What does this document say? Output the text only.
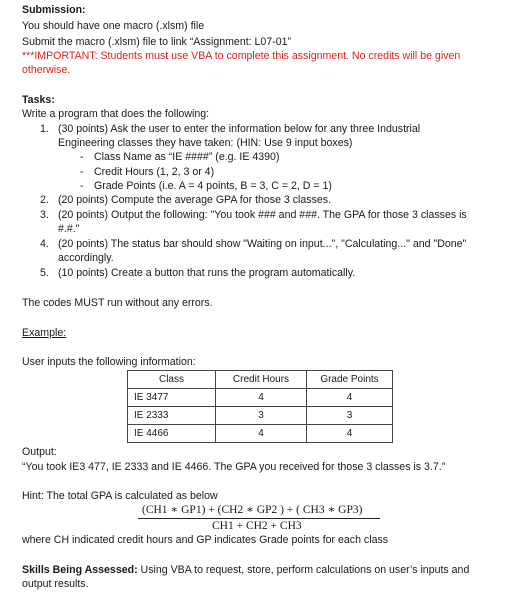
Submission:
You should have one macro (.xlsm) file
Submit the macro (.xlsm) file to link “Assignment: L07-01”
***IMPORTANT: Students must use VBA to complete this assignment. No credits will be given
otherwise.
Tasks:
Write a program that does the following:
1. (30 points) Ask the user to enter the information below for any three Industrial
Engineering classes they have taken: (HIN: Use 9 input boxes)
- Class Name as “IE ####” (e.g. IE 4390)
- Credit Hours (1, 2, 3 or 4)
- Grade Points (i.e. A = 4 points, B = 3, C = 2, D = 1)
2. (20 points) Compute the average GPA for those 3 classes.
3. (20 points) Output the following: "You took ### and ###. The GPA for those 3 classes is
#.#."
4. (20 points) The status bar should show "Waiting on input...", "Calculating..." and "Done"
accordingly.
5. (10 points) Create a button that runs the program automatically.
The codes MUST run without any errors.
Example:
User inputs the following information:
Class	Credit Hours	Grade Points
IE 3477	4	4
IE 2333	3	3
IE 4466	4	4
Output:
“You took IE3 477, IE 2333 and IE 4466. The GPA you received for those 3 classes is 3.7.”
Hint: The total GPA is calculated as below
(CH1 ∗ GP1) + (CH2 ∗ GP2 ) + ( CH3 ∗ GP3)
CH1 + CH2 + CH3
where CH indicated credit hours and GP indicates Grade points for each class
Skills Being Assessed: Using VBA to request, store, perform calculations on user’s inputs and
output results.
